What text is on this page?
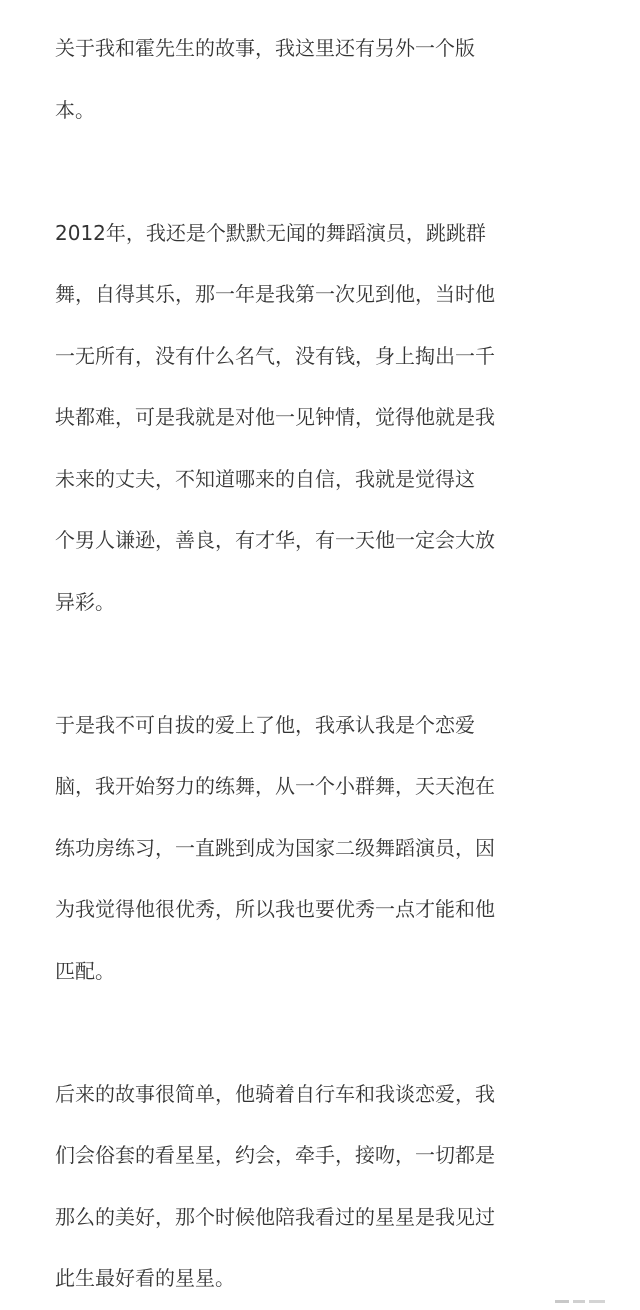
关于我和霍先生的故事，我这里还有另外一个版
本。
2012年，我还是个默默无闻的舞蹈演员，跳跳群
舞，自得其乐，那一年是我第一次见到他，当时他
一无所有，没有什么名气，没有钱，身上掏出一千
块都难，可是我就是对他一见钟情，觉得他就是我
未来的丈夫，不知道哪来的自信，我就是觉得这
个男人谦逊，善良，有才华，有一天他一定会大放
异彩。
于是我不可自拔的爱上了他，我承认我是个恋爱
脑，我开始努力的练舞，从一个小群舞，天天泡在
练功房练习，一直跳到成为国家二级舞蹈演员，因
为我觉得他很优秀，所以我也要优秀一点才能和他
匹配。
后来的故事很简单，他骑着自行车和我谈恋爱，我
们会俗套的看星星，约会，牵手，接吻，一切都是
那么的美好，那个时候他陪我看过的星星是我见过
此生最好看的星星。
